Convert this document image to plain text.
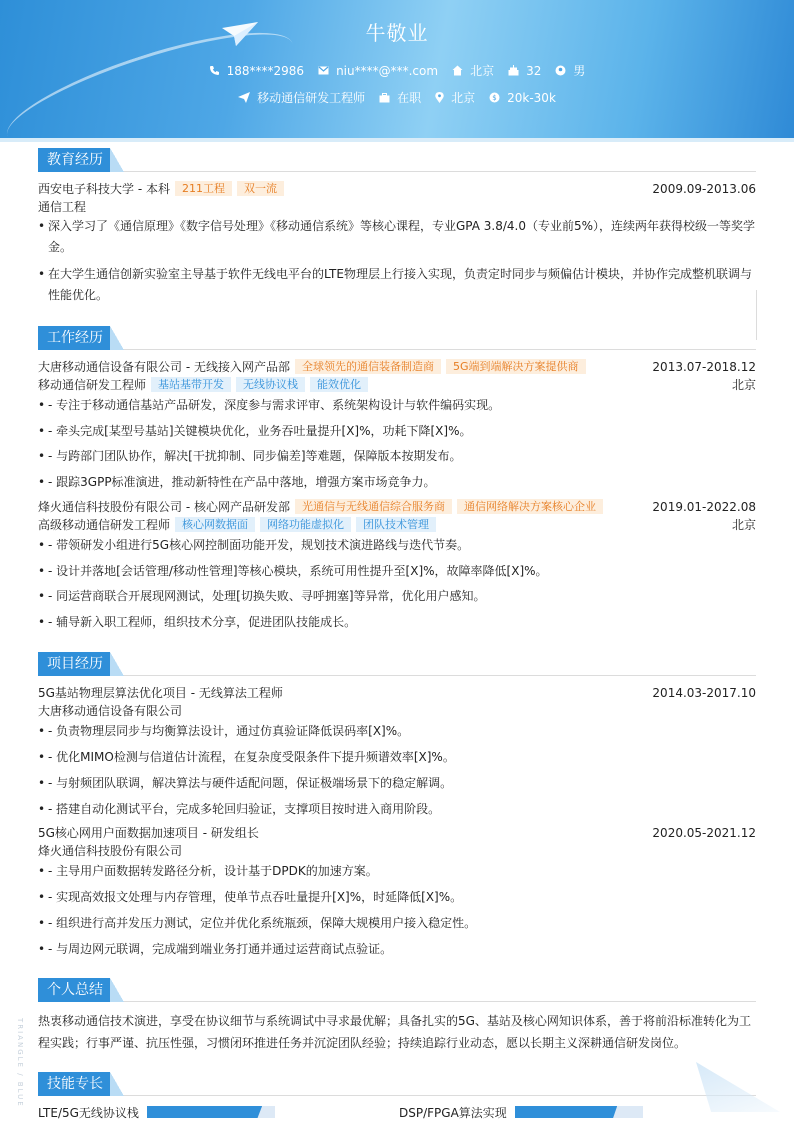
牛敬业
188****2986	niu****@***.com	北京	32	男
移动通信研发工程师	在职	北京 $ 20k-30k
教育经历
西安电子科技大学 - 本科 211工程 双一流	2009.09-2013.06
通信工程
• 深入学习了《通信原理》《数字信号处理》《移动通信系统》等核心课程，专业GPA 3.8/4.0（专业前5%），连续两年获得校级一等奖学金。
• 在大学生通信创新实验室主导基于软件无线电平台的LTE物理层上行接入实现，负责定时同步与频偏估计模块，并协作完成整机联调与性能优化。
工作经历
大唐移动通信设备有限公司 - 无线接入网产品部 全球领先的通信装备制造商 5G端到端解决方案提供商	2013.07-2018.12
移动通信研发工程师 基站基带开发 无线协议栈 能效优化	北京
• - 专注于移动通信基站产品研发，深度参与需求评审、系统架构设计与软件编码实现。
• - 牵头完成[某型号基站]关键模块优化，业务吞吐量提升[X]%，功耗下降[X]%。
• - 与跨部门团队协作，解决[干扰抑制、同步偏差]等难题，保障版本按期发布。
• - 跟踪3GPP标准演进，推动新特性在产品中落地，增强方案市场竞争力。
烽火通信科技股份有限公司 - 核心网产品研发部 光通信与无线通信综合服务商 通信网络解决方案核心企业	2019.01-2022.08
高级移动通信研发工程师 核心网数据面 网络功能虚拟化 团队技术管理	北京
• - 带领研发小组进行5G核心网控制面功能开发，规划技术演进路线与迭代节奏。
• - 设计并落地[会话管理/移动性管理]等核心模块，系统可用性提升至[X]%，故障率降低[X]%。
• - 同运营商联合开展现网测试，处理[切换失败、寻呼拥塞]等异常，优化用户感知。
• - 辅导新入职工程师，组织技术分享，促进团队技能成长。
项目经历
5G基站物理层算法优化项目 - 无线算法工程师	2014.03-2017.10
大唐移动通信设备有限公司
• - 负责物理层同步与均衡算法设计，通过仿真验证降低误码率[X]%。
• - 优化MIMO检测与信道估计流程，在复杂度受限条件下提升频谱效率[X]%。
• - 与射频团队联调，解决算法与硬件适配问题，保证极端场景下的稳定解调。
• - 搭建自动化测试平台，完成多轮回归验证，支撑项目按时进入商用阶段。
5G核心网用户面数据加速项目 - 研发组长	2020.05-2021.12
烽火通信科技股份有限公司
• - 主导用户面数据转发路径分析，设计基于DPDK的加速方案。
• - 实现高效报文处理与内存管理，使单节点吞吐量提升[X]%，时延降低[X]%。
• - 组织进行高并发压力测试，定位并优化系统瓶颈，保障大规模用户接入稳定性。
• - 与周边网元联调，完成端到端业务打通并通过运营商试点验证。
个人总结
热衷移动通信技术演进，享受在协议细节与系统调试中寻求最优解；具备扎实的5G、基站及核心网知识体系，善于将前沿标准转化为工程实践；行事严谨、抗压性强，习惯闭环推进任务并沉淀团队经验；持续追踪行业动态，愿以长期主义深耕通信研发岗位。
技能专长
LTE/5G无线协议栈	DSP/FPGA算法实现
TRIANGLE / BLUE
